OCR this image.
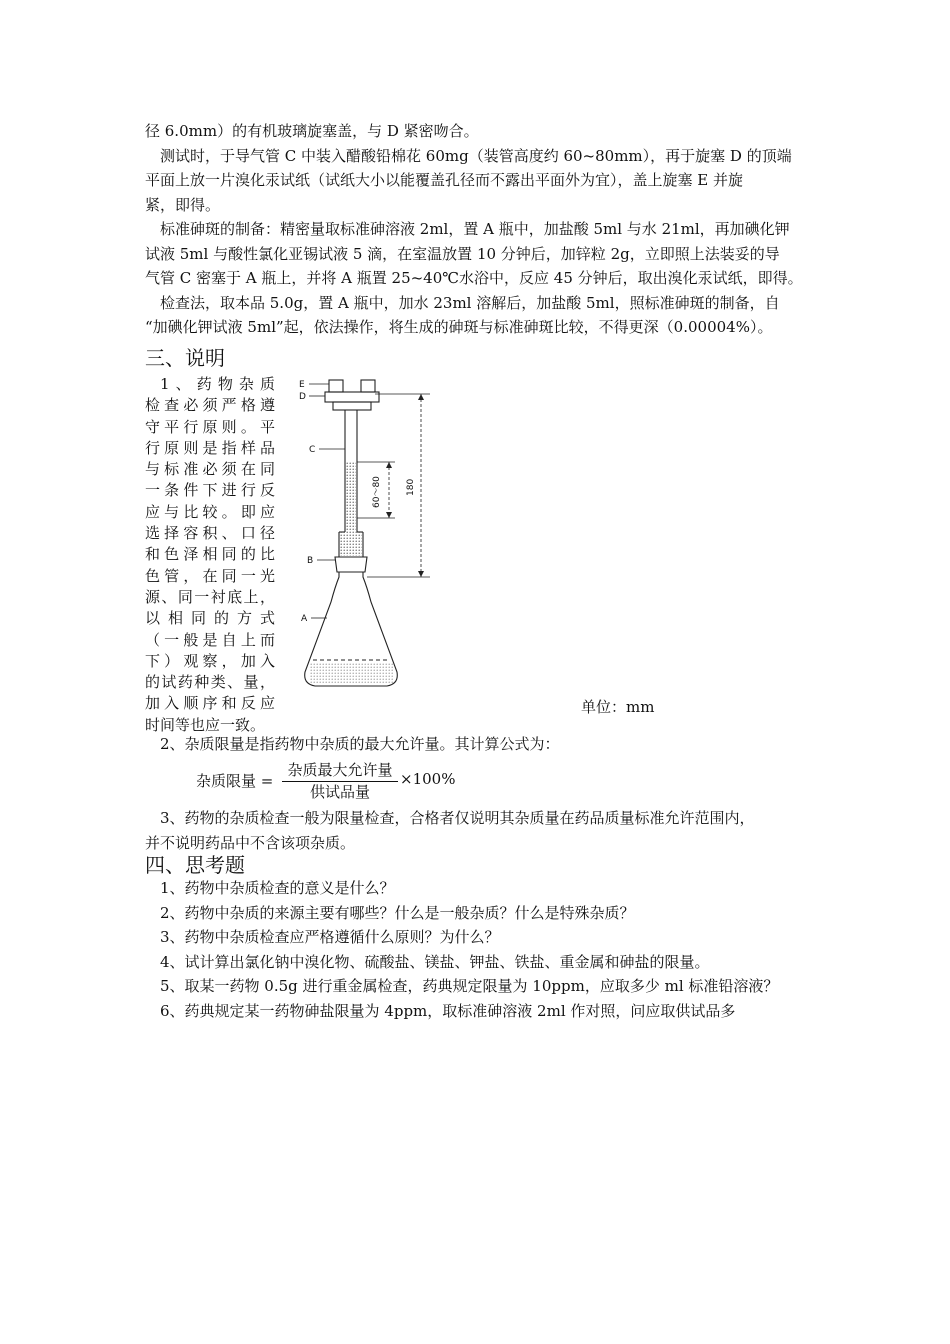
径 6.0mm）的有机玻璃旋塞盖，与 D 紧密吻合。
测试时，于导气管 C 中装入醋酸铅棉花 60mg（装管高度约 60~80mm），再于旋塞 D 的顶端
平面上放一片溴化汞试纸（试纸大小以能覆盖孔径而不露出平面外为宜），盖上旋塞 E 并旋
紧，即得。
标准砷斑的制备：精密量取标准砷溶液 2ml，置 A 瓶中，加盐酸 5ml 与水 21ml，再加碘化钾
试液 5ml 与酸性氯化亚锡试液 5 滴，在室温放置 10 分钟后，加锌粒 2g，立即照上法装妥的导
气管 C 密塞于 A 瓶上，并将 A 瓶置 25~40℃水浴中，反应 45 分钟后，取出溴化汞试纸，即得。
检查法，取本品 5.0g，置 A 瓶中，加水 23ml 溶解后，加盐酸 5ml，照标准砷斑的制备，自
“加碘化钾试液 5ml”起，依法操作，将生成的砷斑与标准砷斑比较，不得更深（0.00004%）。
三、说明
1、药物杂质
检查必须严格遵
守平行原则。平
行原则是指样品
与标准必须在同
一条件下进行反
应与比较。即应
选择容积、口径
和色泽相同的比
色管，在同一光
源、同一衬底上，
以相同的方式
（一般是自上而
下）观察，加入
的试药种类、量，
加入顺序和反应
时间等也应一致。
E
D
C
B
A
60～80	180
单位：mm
2、杂质限量是指药物中杂质的最大允许量。其计算公式为：
杂质限量 =
杂质最大允许量
供试品量
×100%
3、药物的杂质检查一般为限量检查，合格者仅说明其杂质量在药品质量标准允许范围内，
并不说明药品中不含该项杂质。
四、思考题
1、药物中杂质检查的意义是什么？
2、药物中杂质的来源主要有哪些？什么是一般杂质？什么是特殊杂质？
3、药物中杂质检查应严格遵循什么原则？为什么？
4、试计算出氯化钠中溴化物、硫酸盐、镁盐、钾盐、铁盐、重金属和砷盐的限量。
5、取某一药物 0.5g 进行重金属检查，药典规定限量为 10ppm，应取多少 ml 标准铅溶液？
6、药典规定某一药物砷盐限量为 4ppm，取标准砷溶液 2ml 作对照，问应取供试品多
